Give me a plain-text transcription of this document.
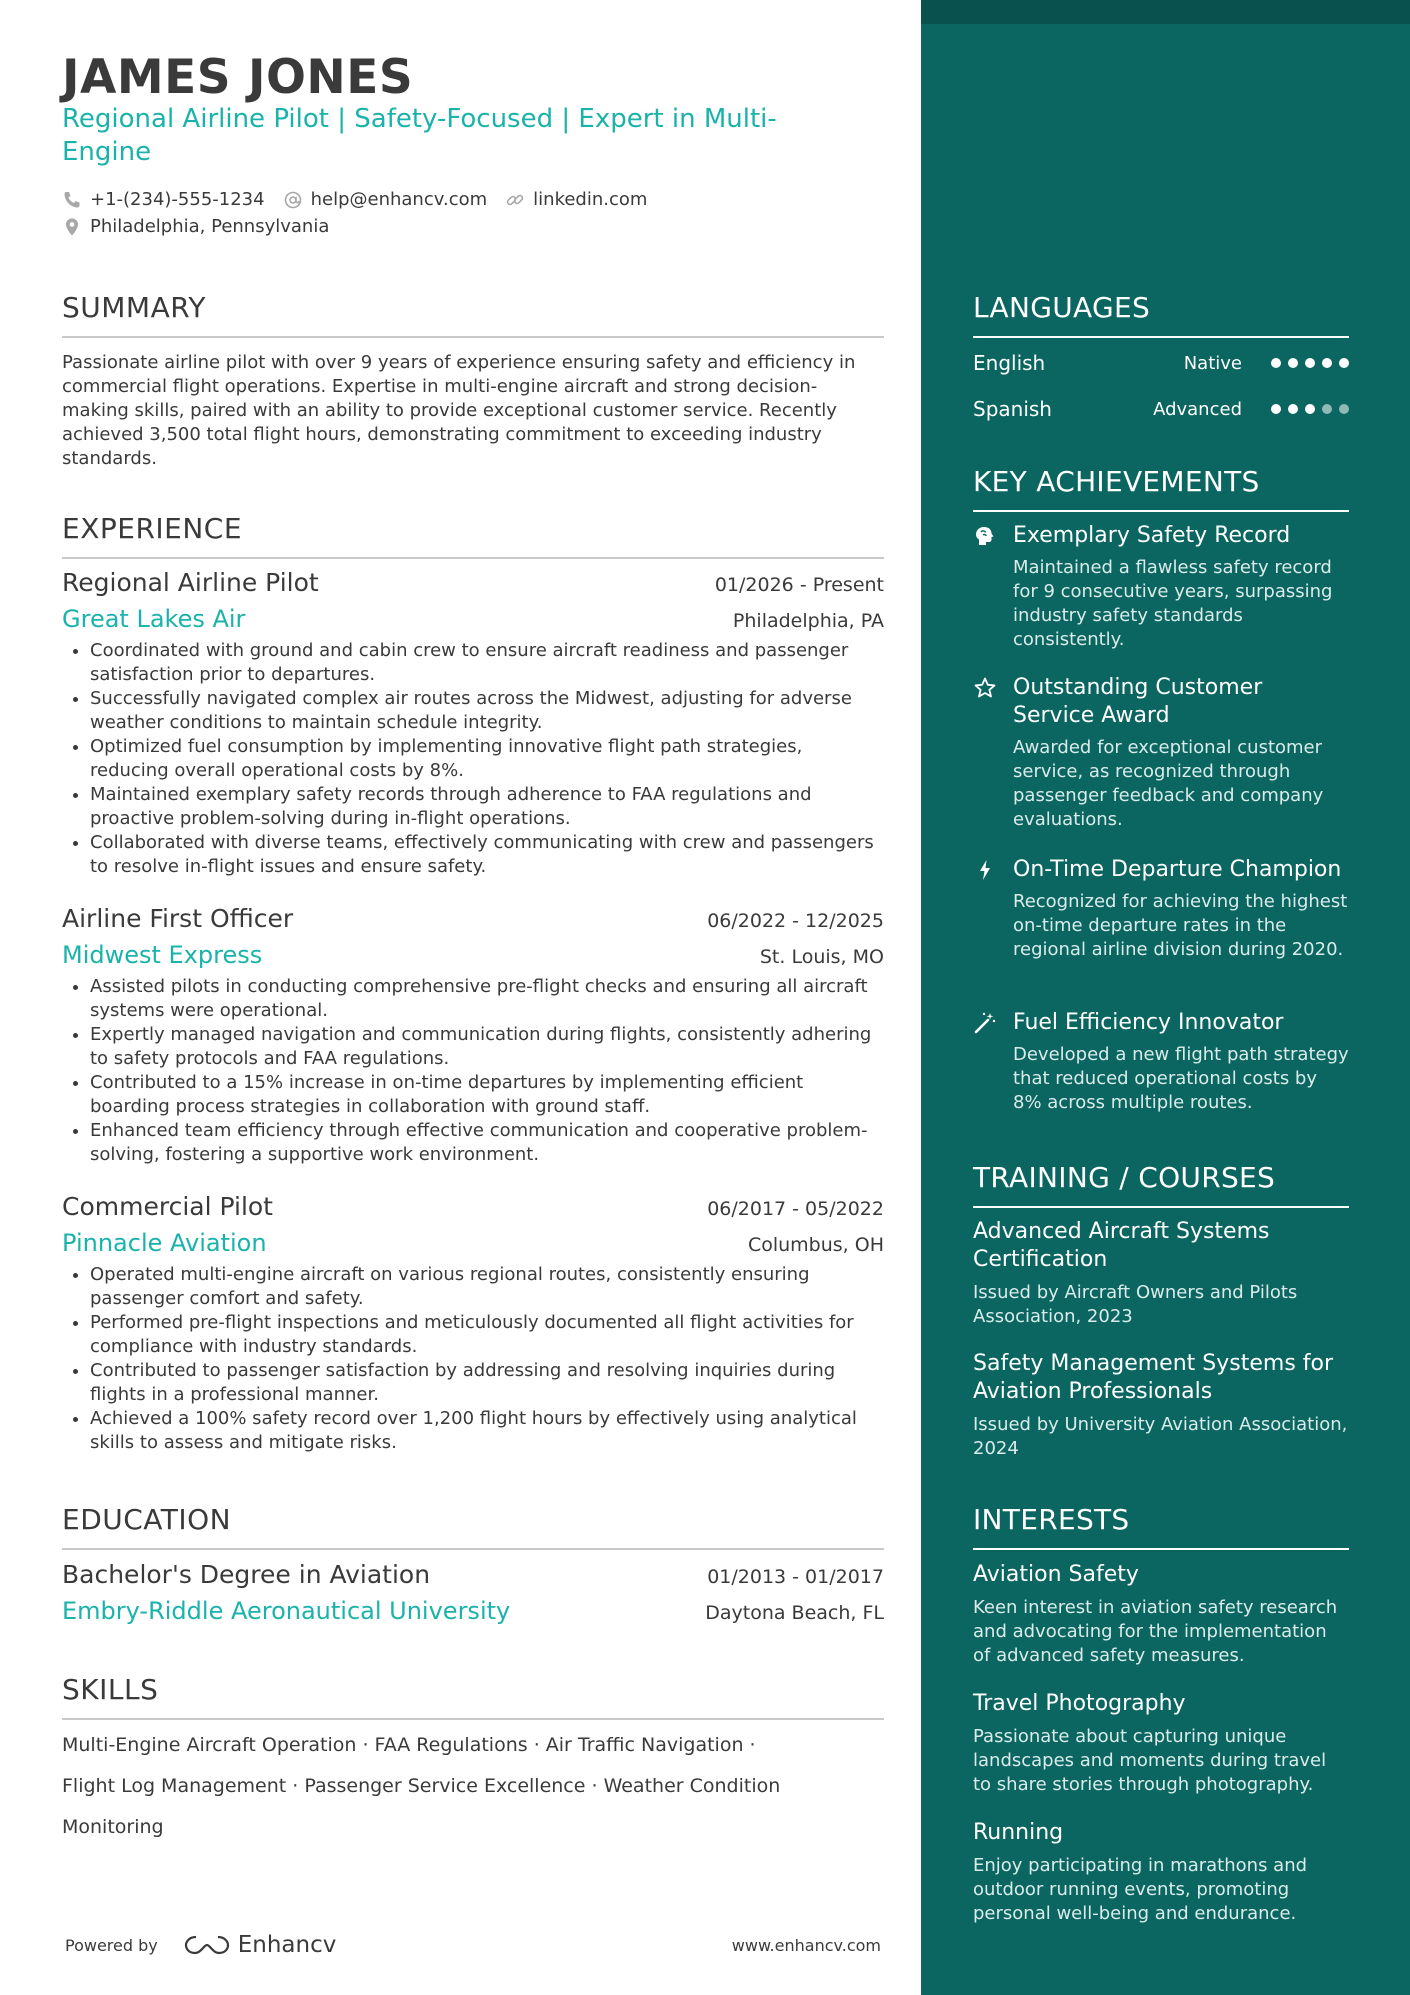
JAMES JONES
Regional Airline Pilot | Safety-Focused | Expert in Multi-Engine
+1-(234)-555-1234	help@enhancv.com	linkedin.com
Philadelphia, Pennsylvania
SUMMARY

Passionate airline pilot with over 9 years of experience ensuring safety and efficiency in commercial flight operations. Expertise in multi-engine aircraft and strong decision-making skills, paired with an ability to provide exceptional customer service. Recently achieved 3,500 total flight hours, demonstrating commitment to exceeding industry standards.

EXPERIENCE
Regional Airline Pilot	01/2026 - Present
Great Lakes Air	Philadelphia, PA
• Coordinated with ground and cabin crew to ensure aircraft readiness and passenger satisfaction prior to departures.
• Successfully navigated complex air routes across the Midwest, adjusting for adverse weather conditions to maintain schedule integrity.
• Optimized fuel consumption by implementing innovative flight path strategies, reducing overall operational costs by 8%.
• Maintained exemplary safety records through adherence to FAA regulations and proactive problem-solving during in-flight operations.
• Collaborated with diverse teams, effectively communicating with crew and passengers to resolve in-flight issues and ensure safety.
Airline First Officer	06/2022 - 12/2025
Midwest Express	St. Louis, MO
• Assisted pilots in conducting comprehensive pre-flight checks and ensuring all aircraft systems were operational.
• Expertly managed navigation and communication during flights, consistently adhering to safety protocols and FAA regulations.
• Contributed to a 15% increase in on-time departures by implementing efficient boarding process strategies in collaboration with ground staff.
• Enhanced team efficiency through effective communication and cooperative problem-solving, fostering a supportive work environment.
Commercial Pilot	06/2017 - 05/2022
Pinnacle Aviation	Columbus, OH
• Operated multi-engine aircraft on various regional routes, consistently ensuring passenger comfort and safety.
• Performed pre-flight inspections and meticulously documented all flight activities for compliance with industry standards.
• Contributed to passenger satisfaction by addressing and resolving inquiries during flights in a professional manner.
• Achieved a 100% safety record over 1,200 flight hours by effectively using analytical skills to assess and mitigate risks.
EDUCATION
Bachelor's Degree in Aviation	01/2013 - 01/2017
Embry-Riddle Aeronautical University	Daytona Beach, FL
SKILLS
Multi-Engine Aircraft Operation · FAA Regulations · Air Traffic Navigation ·
Flight Log Management · Passenger Service Excellence · Weather Condition Monitoring
Powered by	Enhancv	www.enhancv.com
LANGUAGES
English	Native
Spanish	Advanced
KEY ACHIEVEMENTS
Exemplary Safety Record
Maintained a flawless safety record for 9 consecutive years, surpassing industry safety standards consistently.
Outstanding Customer Service Award
Awarded for exceptional customer service, as recognized through passenger feedback and company evaluations.
On-Time Departure Champion
Recognized for achieving the highest on-time departure rates in the regional airline division during 2020.
Fuel Efficiency Innovator
Developed a new flight path strategy that reduced operational costs by 8% across multiple routes.
TRAINING / COURSES
Advanced Aircraft Systems Certification
Issued by Aircraft Owners and Pilots Association, 2023
Safety Management Systems for Aviation Professionals
Issued by University Aviation Association, 2024
INTERESTS
Aviation Safety
Keen interest in aviation safety research and advocating for the implementation of advanced safety measures.
Travel Photography
Passionate about capturing unique landscapes and moments during travel to share stories through photography.
Running
Enjoy participating in marathons and outdoor running events, promoting personal well-being and endurance.
